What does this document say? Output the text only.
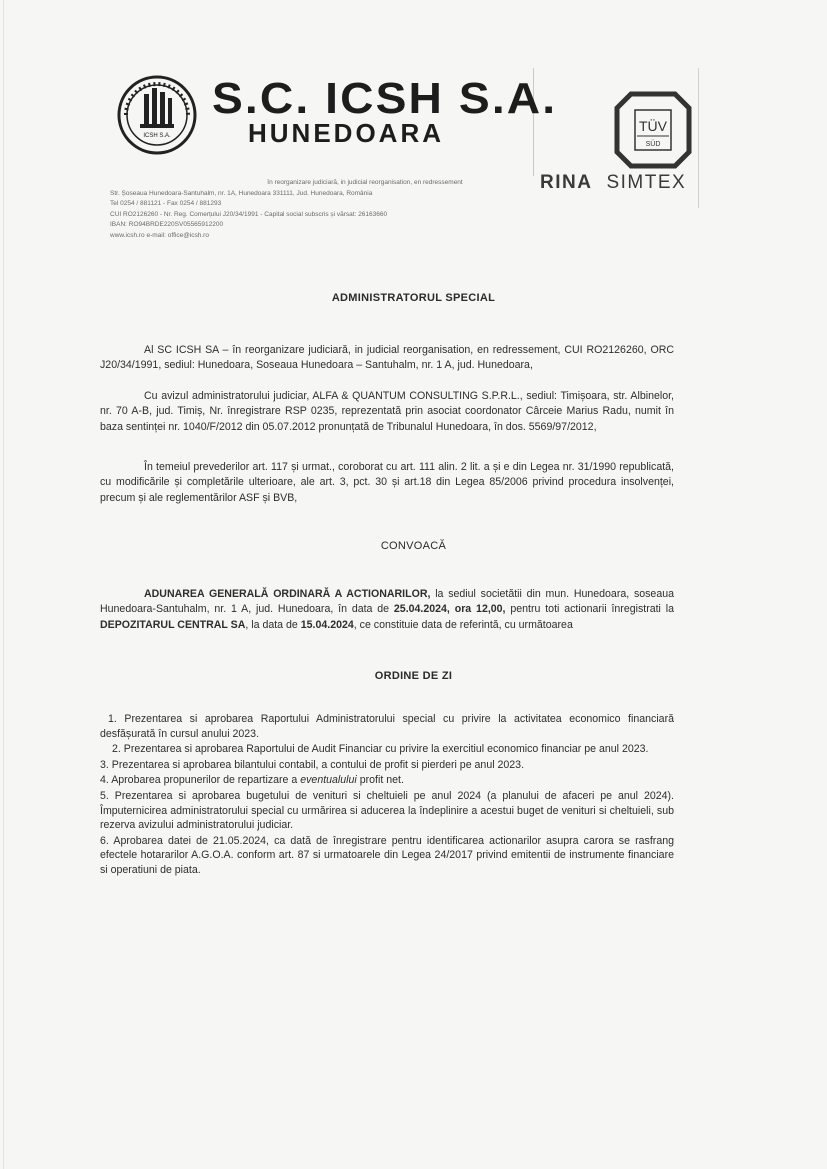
ICSH S.A.
S.C. ICSH S.A.
HUNEDOARA	TÜV
SÜD
RINA SIMTEX
în reorganizare judiciară, in judicial reorganisation, en redressement
Str. Șoseaua Hunedoara-Santuhalm, nr. 1A, Hunedoara 331111, Jud. Hunedoara, România
Tel 0254 / 881121 - Fax 0254 / 881293
CUI RO2126260 - Nr. Reg. Comerțului J20/34/1991 - Capital social subscris și vărsat: 26163660
IBAN: RO94BRDE220SV05565912200
www.icsh.ro e-mail: office@icsh.ro
ADMINISTRATORUL SPECIAL
Al SC ICSH SA – în reorganizare judiciară, in judicial reorganisation, en redressement, CUI RO2126260, ORC J20/34/1991, sediul: Hunedoara, Soseaua Hunedoara – Santuhalm, nr. 1 A, jud. Hunedoara,
Cu avizul administratorului judiciar, ALFA & QUANTUM CONSULTING S.P.R.L., sediul: Timișoara, str. Albinelor, nr. 70 A-B, jud. Timiș, Nr. înregistrare RSP 0235, reprezentată prin asociat coordonator Cârceie Marius Radu, numit în baza sentinței nr. 1040/F/2012 din 05.07.2012 pronunțată de Tribunalul Hunedoara, în dos. 5569/97/2012,
În temeiul prevederilor art. 117 și urmat., coroborat cu art. 111 alin. 2 lit. a și e din Legea nr. 31/1990 republicată, cu modificările și completările ulterioare, ale art. 3, pct. 30 și art.18 din Legea 85/2006 privind procedura insolvenței, precum și ale reglementărilor ASF și BVB,
CONVOACĂ
ADUNAREA GENERALĂ ORDINARĂ A ACTIONARILOR, la sediul societătii din mun. Hunedoara, soseaua Hunedoara-Santuhalm, nr. 1 A, jud. Hunedoara, în data de 25.04.2024, ora 12,00, pentru toti actionarii înregistrati la DEPOZITARUL CENTRAL SA, la data de 15.04.2024, ce constituie data de referintă, cu următoarea
ORDINE DE ZI
1. Prezentarea si aprobarea Raportului Administratorului special cu privire la activitatea economico financiară desfășurată în cursul anului 2023.
2. Prezentarea si aprobarea Raportului de Audit Financiar cu privire la exercitiul economico financiar pe anul 2023.
3. Prezentarea si aprobarea bilantului contabil, a contului de profit si pierderi pe anul 2023.
4. Aprobarea propunerilor de repartizare a eventualului profit net.
5. Prezentarea si aprobarea bugetului de venituri si cheltuieli pe anul 2024 (a planului de afaceri pe anul 2024). Împuternicirea administratorului special cu urmărirea si aducerea la îndeplinire a acestui buget de venituri si cheltuieli, sub rezerva avizului administratorului judiciar.
6. Aprobarea datei de 21.05.2024, ca dată de înregistrare pentru identificarea actionarilor asupra carora se rasfrang efectele hotararilor A.G.O.A. conform art. 87 si urmatoarele din Legea 24/2017 privind emitentii de instrumente financiare si operatiuni de piata.
